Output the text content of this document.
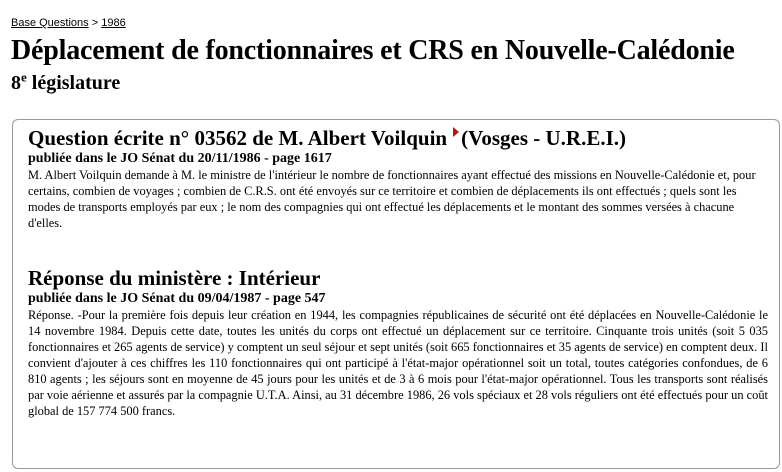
Base Questions > 1986
Déplacement de fonctionnaires et CRS en Nouvelle-Calédonie
8e législature
Question écrite n° 03562 de M. Albert Voilquin (Vosges - U.R.E.I.)

publiée dans le JO Sénat du 20/11/1986 - page 1617

M. Albert Voilquin demande à M. le ministre de l'intérieur le nombre de fonctionnaires ayant effectué des missions en Nouvelle-Calédonie et, pour certains, combien de voyages ; combien de C.R.S. ont été envoyés sur ce territoire et combien de déplacements ils ont effectués ; quels sont les modes de transports employés par eux ; le nom des compagnies qui ont effectué les déplacements et le montant des sommes versées à chacune d'elles.

Réponse du ministère : Intérieur

publiée dans le JO Sénat du 09/04/1987 - page 547

Réponse. -Pour la première fois depuis leur création en 1944, les compagnies républicaines de sécurité ont été déplacées en Nouvelle-Calédonie le 14 novembre 1984. Depuis cette date, toutes les unités du corps ont effectué un déplacement sur ce territoire. Cinquante trois unités (soit 5 035 fonctionnaires et 265 agents de service) y comptent un seul séjour et sept unités (soit 665 fonctionnaires et 35 agents de service) en comptent deux. Il convient d'ajouter à ces chiffres les 110 fonctionnaires qui ont participé à l'état-major opérationnel soit un total, toutes catégories confondues, de 6 810 agents ; les séjours sont en moyenne de 45 jours pour les unités et de 3 à 6 mois pour l'état-major opérationnel. Tous les transports sont réalisés par voie aérienne et assurés par la compagnie U.T.A. Ainsi, au 31 décembre 1986, 26 vols spéciaux et 28 vols réguliers ont été effectués pour un coût global de 157 774 500 francs.
